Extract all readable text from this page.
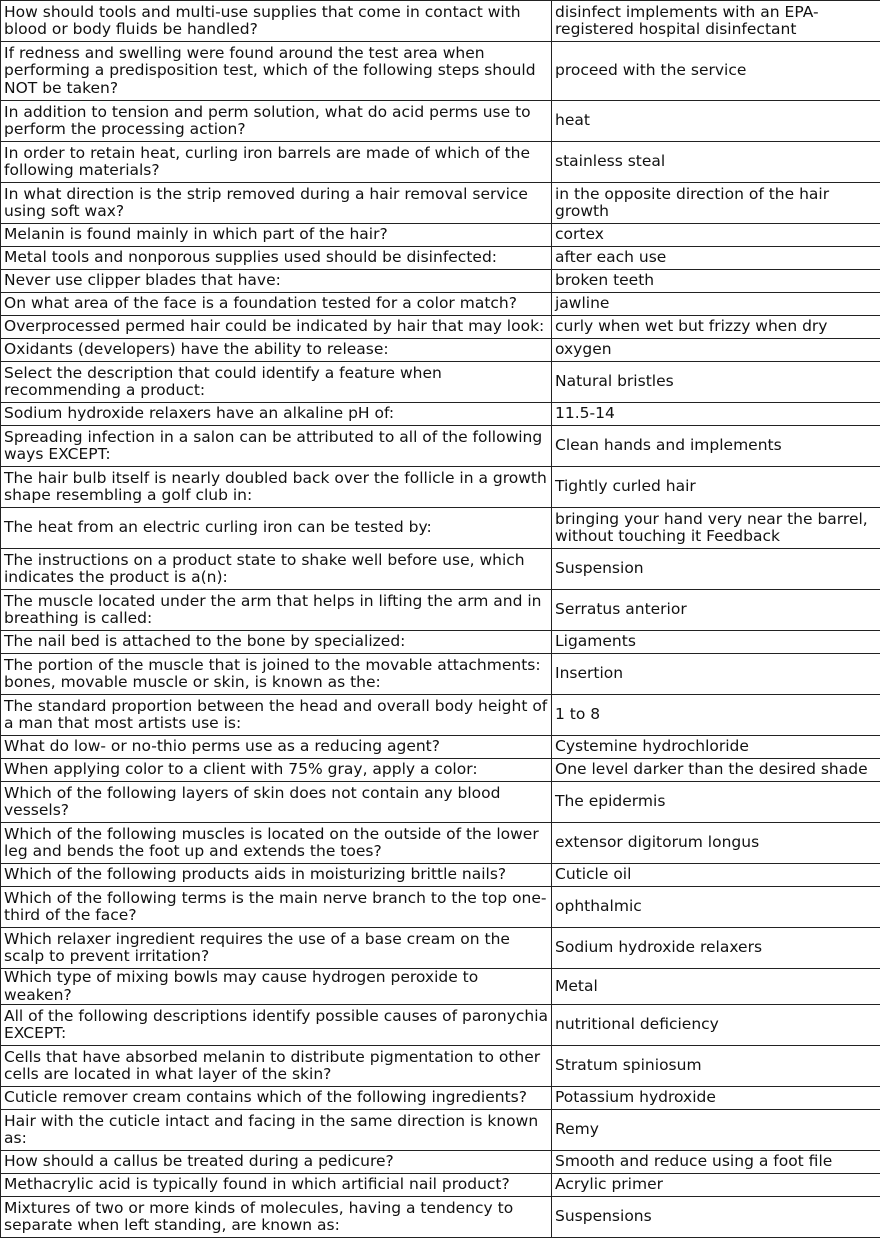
How should tools and multi-use supplies that come in contact with blood or body fluids be handled?	disinfect implements with an EPA-registered hospital disinfectant
If redness and swelling were found around the test area when performing a predisposition test, which of the following steps should NOT be taken?	proceed with the service
In addition to tension and perm solution, what do acid perms use to perform the processing action?	heat
In order to retain heat, curling iron barrels are made of which of the following materials?	stainless steal
In what direction is the strip removed during a hair removal service using soft wax?	in the opposite direction of the hair growth
Melanin is found mainly in which part of the hair?	cortex
Metal tools and nonporous supplies used should be disinfected:	after each use
Never use clipper blades that have:	broken teeth
On what area of the face is a foundation tested for a color match?	jawline
Overprocessed permed hair could be indicated by hair that may look:	curly when wet but frizzy when dry
Oxidants (developers) have the ability to release:	oxygen
Select the description that could identify a feature when recommending a product:	Natural bristles
Sodium hydroxide relaxers have an alkaline pH of:	11.5-14
Spreading infection in a salon can be attributed to all of the following ways EXCEPT:	Clean hands and implements
The hair bulb itself is nearly doubled back over the follicle in a growth shape resembling a golf club in:	Tightly curled hair
The heat from an electric curling iron can be tested by:	bringing your hand very near the barrel, without touching it Feedback
The instructions on a product state to shake well before use, which indicates the product is a(n):	Suspension
The muscle located under the arm that helps in lifting the arm and in breathing is called:	Serratus anterior
The nail bed is attached to the bone by specialized:	Ligaments
The portion of the muscle that is joined to the movable attachments: bones, movable muscle or skin, is known as the:	Insertion
The standard proportion between the head and overall body height of a man that most artists use is:	1 to 8
What do low- or no-thio perms use as a reducing agent?	Cystemine hydrochloride
When applying color to a client with 75% gray, apply a color:	One level darker than the desired shade
Which of the following layers of skin does not contain any blood vessels?	The epidermis
Which of the following muscles is located on the outside of the lower leg and bends the foot up and extends the toes?	extensor digitorum longus
Which of the following products aids in moisturizing brittle nails?	Cuticle oil
Which of the following terms is the main nerve branch to the top one-third of the face?	ophthalmic
Which relaxer ingredient requires the use of a base cream on the scalp to prevent irritation?	Sodium hydroxide relaxers
Which type of mixing bowls may cause hydrogen peroxide to weaken?	Metal
All of the following descriptions identify possible causes of paronychia EXCEPT:	nutritional deficiency
Cells that have absorbed melanin to distribute pigmentation to other cells are located in what layer of the skin?	Stratum spiniosum
Cuticle remover cream contains which of the following ingredients?	Potassium hydroxide
Hair with the cuticle intact and facing in the same direction is known as:	Remy
How should a callus be treated during a pedicure?	Smooth and reduce using a foot file
Methacrylic acid is typically found in which artificial nail product?	Acrylic primer
Mixtures of two or more kinds of molecules, having a tendency to separate when left standing, are known as:	Suspensions
